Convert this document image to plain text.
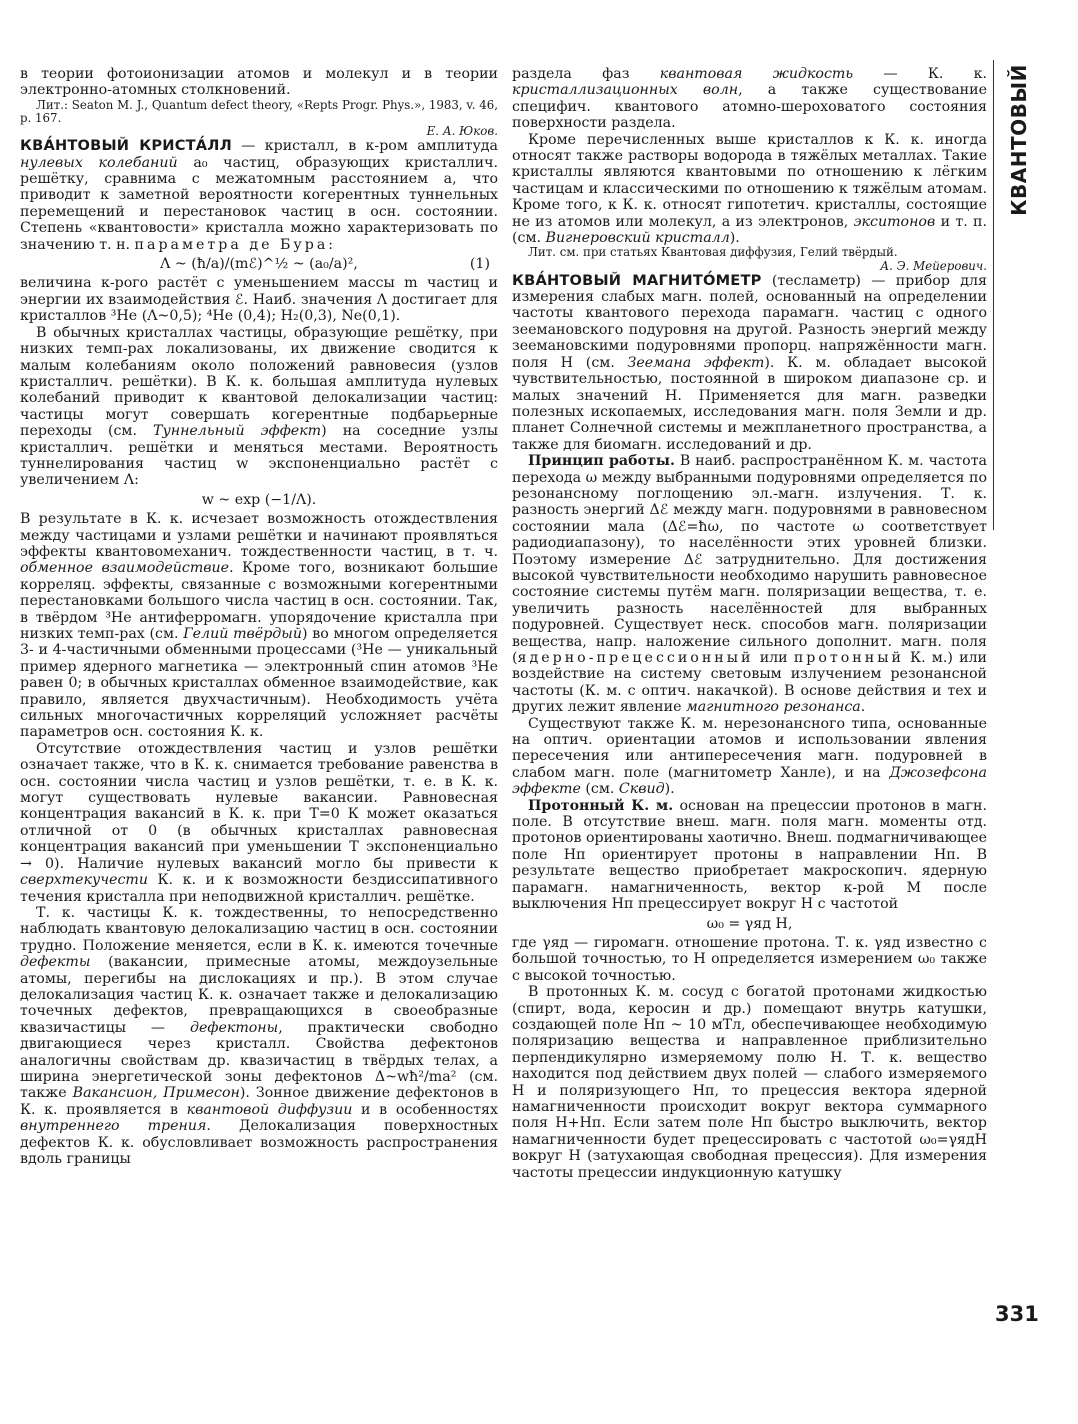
в теории фотоионизации атомов и молекул и в теории электронно-атомных столкновений.

Лит.: Seaton M. J., Quantum defect theory, «Repts Progr. Phys.», 1983, v. 46, p. 167.

Е. А. Юков.

КВА́НТОВЫЙ КРИСТА́ЛЛ — кристалл, в к-ром амплитуда нулевых колебаний a₀ частиц, образующих кристаллич. решётку, сравнима с межатомным расстоянием a, что приводит к заметной вероятности когерентных туннельных перемещений и перестановок частиц в осн. состоянии. Степень «квантовости» кристалла можно характеризовать по значению т. н. параметра де Бура:

Λ ~ (ħ/a)/(mℰ)^½ ~ (a₀/a)²,	(1)

величина к-рого растёт с уменьшением массы m частиц и энергии их взаимодействия ℰ. Наиб. значения Λ достигает для кристаллов ³He (Λ~0,5); ⁴He (0,4); H₂(0,3), Ne(0,1).

В обычных кристаллах частицы, образующие решётку, при низких темп-рах локализованы, их движение сводится к малым колебаниям около положений равновесия (узлов кристаллич. решётки). В К. к. большая амплитуда нулевых колебаний приводит к квантовой делокализации частиц: частицы могут совершать когерентные подбарьерные переходы (см. Туннельный эффект) на соседние узлы кристаллич. решётки и меняться местами. Вероятность туннелирования частиц w экспоненциально растёт с увеличением Λ:

w ~ exp (−1/Λ).

В результате в К. к. исчезает возможность отождествления между частицами и узлами решётки и начинают проявляться эффекты квантовомеханич. тождественности частиц, в т. ч. обменное взаимодействие. Кроме того, возникают большие корреляц. эффекты, связанные с возможными когерентными перестановками большого числа частиц в осн. состоянии. Так, в твёрдом ³He антиферромагн. упорядочение кристалла при низких темп-рах (см. Гелий твёрдый) во многом определяется 3- и 4-частичными обменными процессами (³He — уникальный пример ядерного магнетика — электронный спин атомов ³He равен 0; в обычных кристаллах обменное взаимодействие, как правило, является двухчастичным). Необходимость учёта сильных многочастичных корреляций усложняет расчёты параметров осн. состояния К. к.

Отсутствие отождествления частиц и узлов решётки означает также, что в К. к. снимается требование равенства в осн. состоянии числа частиц и узлов решётки, т. е. в К. к. могут существовать нулевые вакансии. Равновесная концентрация вакансий в К. к. при T=0 К может оказаться отличной от 0 (в обычных кристаллах равновесная концентрация вакансий при уменьшении T экспоненциально → 0). Наличие нулевых вакансий могло бы привести к сверхтекучести К. к. и к возможности бездиссипативного течения кристалла при неподвижной кристаллич. решётке.

Т. к. частицы К. к. тождественны, то непосредственно наблюдать квантовую делокализацию частиц в осн. состоянии трудно. Положение меняется, если в К. к. имеются точечные дефекты (вакансии, примесные атомы, междоузельные атомы, перегибы на дислокациях и пр.). В этом случае делокализация частиц К. к. означает также и делокализацию точечных дефектов, превращающихся в своеобразные квазичастицы — дефектоны, практически свободно двигающиеся через кристалл. Свойства дефектонов аналогичны свойствам др. квазичастиц в твёрдых телах, а ширина энергетической зоны дефектонов Δ~wħ²/ma² (см. также Вакансион, Примесон). Зонное движение дефектонов в К. к. проявляется в квантовой диффузии и в особенностях внутреннего трения. Делокализация поверхностных дефектов К. к. обусловливает возможность распространения вдоль границы

раздела фаз квантовая жидкость — К. к. кристаллизационных волн, а также существование специфич. квантового атомно-шероховатого состояния поверхности раздела.

Кроме перечисленных выше кристаллов к К. к. иногда относят также растворы водорода в тяжёлых металлах. Такие кристаллы являются квантовыми по отношению к лёгким частицам и классическими по отношению к тяжёлым атомам. Кроме того, к К. к. относят гипотетич. кристаллы, состоящие не из атомов или молекул, а из электронов, экситонов и т. п. (см. Вигнеровский кристалл).

Лит. см. при статьях Квантовая диффузия, Гелий твёрдый.

А. Э. Мейерович.

КВА́НТОВЫЙ МАГНИТО́МЕТР (тесламетр) — прибор для измерения слабых магн. полей, основанный на определении частоты квантового перехода парамагн. частиц с одного зеемановского подуровня на другой. Разность энергий между зеемановскими подуровнями пропорц. напряжённости магн. поля H (см. Зеемана эффект). К. м. обладает высокой чувствительностью, постоянной в широком диапазоне ср. и малых значений H. Применяется для магн. разведки полезных ископаемых, исследования магн. поля Земли и др. планет Солнечной системы и межпланетного пространства, а также для биомагн. исследований и др.

Принцип работы. В наиб. распространённом К. м. частота перехода ω между выбранными подуровнями определяется по резонансному поглощению эл.-магн. излучения. Т. к. разность энергий Δℰ между магн. подуровнями в равновесном состоянии мала (Δℰ=ħω, по частоте ω соответствует радиодиапазону), то населённости этих уровней близки. Поэтому измерение Δℰ затруднительно. Для достижения высокой чувствительности необходимо нарушить равновесное состояние системы путём магн. поляризации вещества, т. е. увеличить разность населённостей для выбранных подуровней. Существует неск. способов магн. поляризации вещества, напр. наложение сильного дополнит. магн. поля (ядерно-прецессионный или протонный К. м.) или воздействие на систему световым излучением резонансной частоты (К. м. с оптич. накачкой). В основе действия и тех и других лежит явление магнитного резонанса.

Существуют также К. м. нерезонансного типа, основанные на оптич. ориентации атомов и использовании явления пересечения или антипересечения магн. подуровней в слабом магн. поле (магнитометр Ханле), и на Джозефсона эффекте (см. Сквид).

Протонный К. м. основан на прецессии протонов в магн. поле. В отсутствие внеш. магн. поля магн. моменты отд. протонов ориентированы хаотично. Внеш. подмагничивающее поле Hп ориентирует протоны в направлении Hп. В результате вещество приобретает макроскопич. ядерную парамагн. намагниченность, вектор к-рой M после выключения Hп прецессирует вокруг H с частотой

ω₀ = γяд H,

где γяд — гиромагн. отношение протона. Т. к. γяд известно с большой точностью, то H определяется измерением ω₀ также с высокой точностью.

В протонных К. м. сосуд с богатой протонами жидкостью (спирт, вода, керосин и др.) помещают внутрь катушки, создающей поле Hп ~ 10 мТл, обеспечивающее необходимую поляризацию вещества и направленное приблизительно перпендикулярно измеряемому полю H. Т. к. вещество находится под действием двух полей — слабого измеряемого H и поляризующего Hп, то прецессия вектора ядерной намагниченности происходит вокруг вектора суммарного поля H+Hп. Если затем поле Hп быстро выключить, вектор намагниченности будет прецессировать с частотой ω₀=γядH вокруг H (затухающая свободная прецессия). Для измерения частоты прецессии индукционную катушку

КВАНТОВЫЙ
331
